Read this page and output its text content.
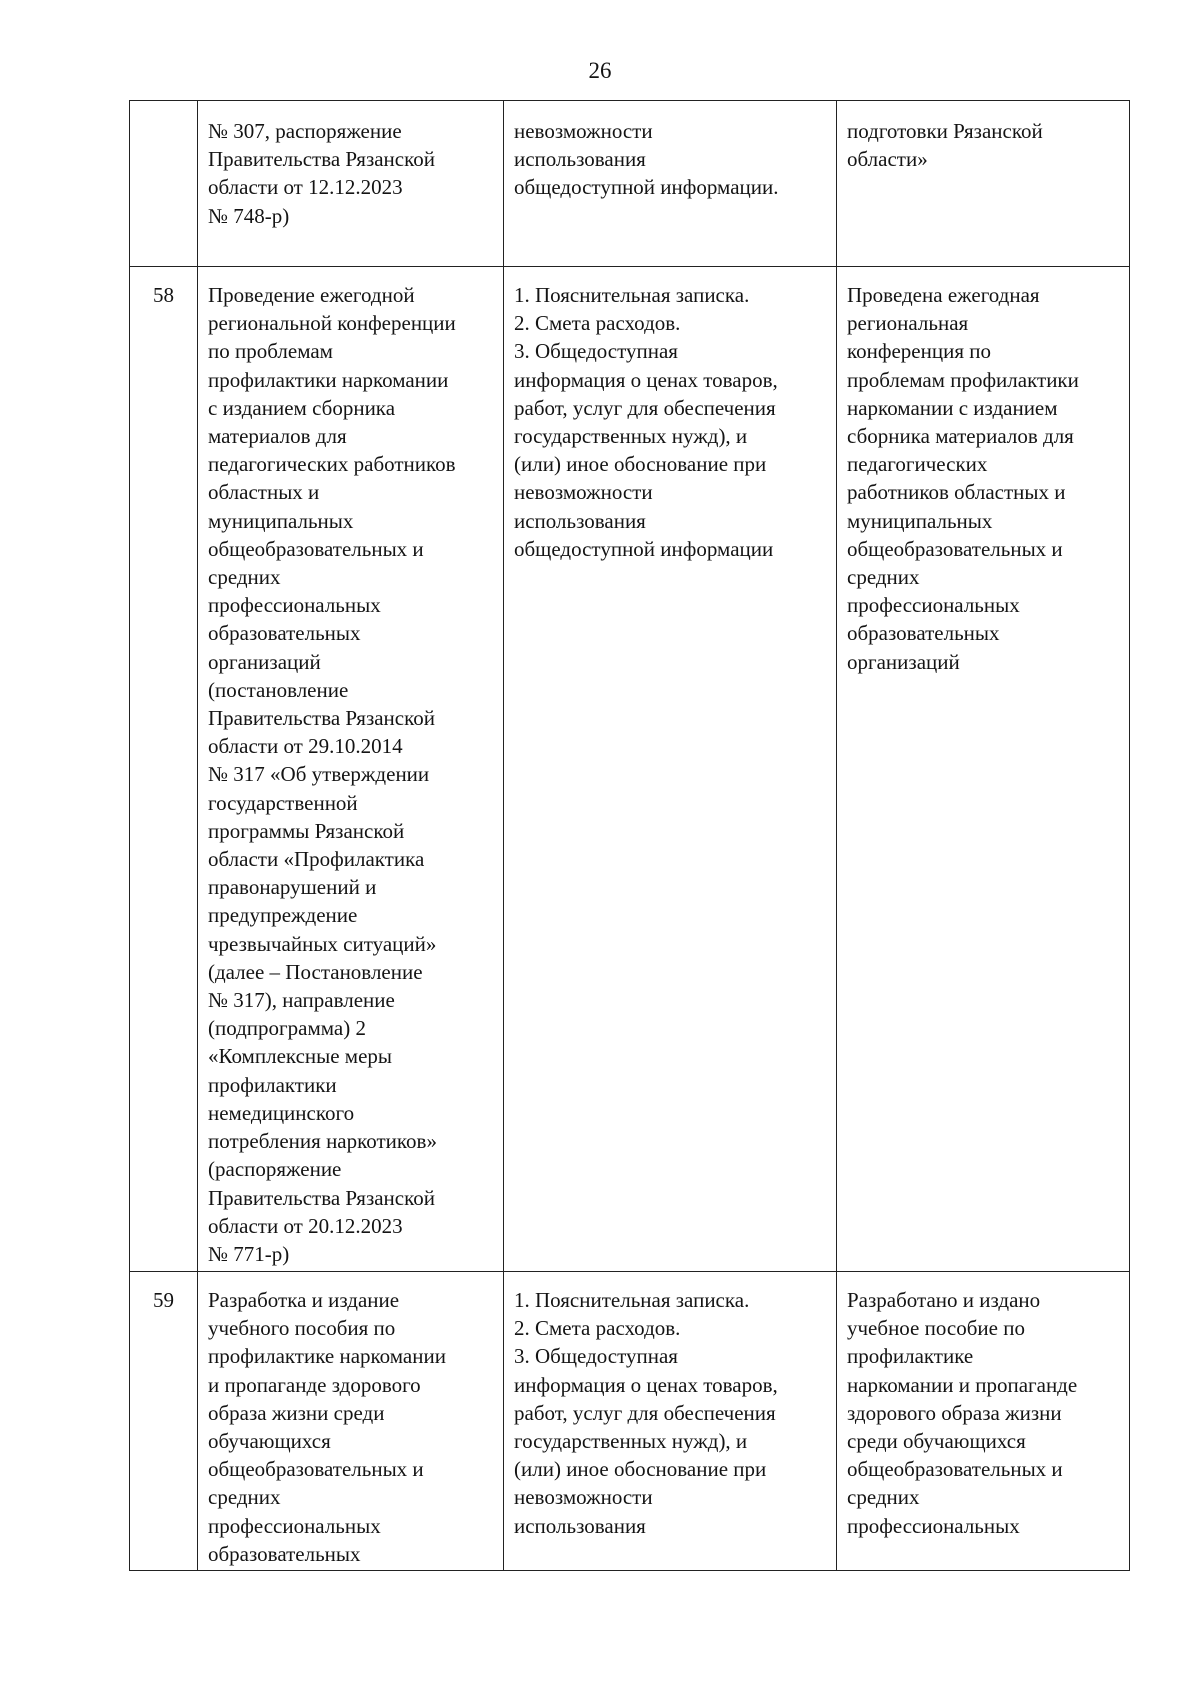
26
№ 307, распоряжение
Правительства Рязанской
области от 12.12.2023
№ 748-р)
невозможности
использования
общедоступной информации.
подготовки Рязанской
области»
58	Проведение ежегодной
региональной конференции
по проблемам
профилактики наркомании
с изданием сборника
материалов для
педагогических работников
областных и
муниципальных
общеобразовательных и
средних
профессиональных
образовательных
организаций
(постановление
Правительства Рязанской
области от 29.10.2014
№ 317 «Об утверждении
государственной
программы Рязанской
области «Профилактика
правонарушений и
предупреждение
чрезвычайных ситуаций»
(далее – Постановление
№ 317), направление
(подпрограмма) 2
«Комплексные меры
профилактики
немедицинского
потребления наркотиков»
(распоряжение
Правительства Рязанской
области от 20.12.2023
№ 771-р)
1. Пояснительная записка.
2. Смета расходов.
3. Общедоступная
информация о ценах товаров,
работ, услуг для обеспечения
государственных нужд), и
(или) иное обоснование при
невозможности
использования
общедоступной информации
Проведена ежегодная
региональная
конференция по
проблемам профилактики
наркомании с изданием
сборника материалов для
педагогических
работников областных и
муниципальных
общеобразовательных и
средних
профессиональных
образовательных
организаций
59	Разработка и издание
учебного пособия по
профилактике наркомании
и пропаганде здорового
образа жизни среди
обучающихся
общеобразовательных и
средних
профессиональных
образовательных
1. Пояснительная записка.
2. Смета расходов.
3. Общедоступная
информация о ценах товаров,
работ, услуг для обеспечения
государственных нужд), и
(или) иное обоснование при
невозможности
использования
Разработано и издано
учебное пособие по
профилактике
наркомании и пропаганде
здорового образа жизни
среди обучающихся
общеобразовательных и
средних
профессиональных
